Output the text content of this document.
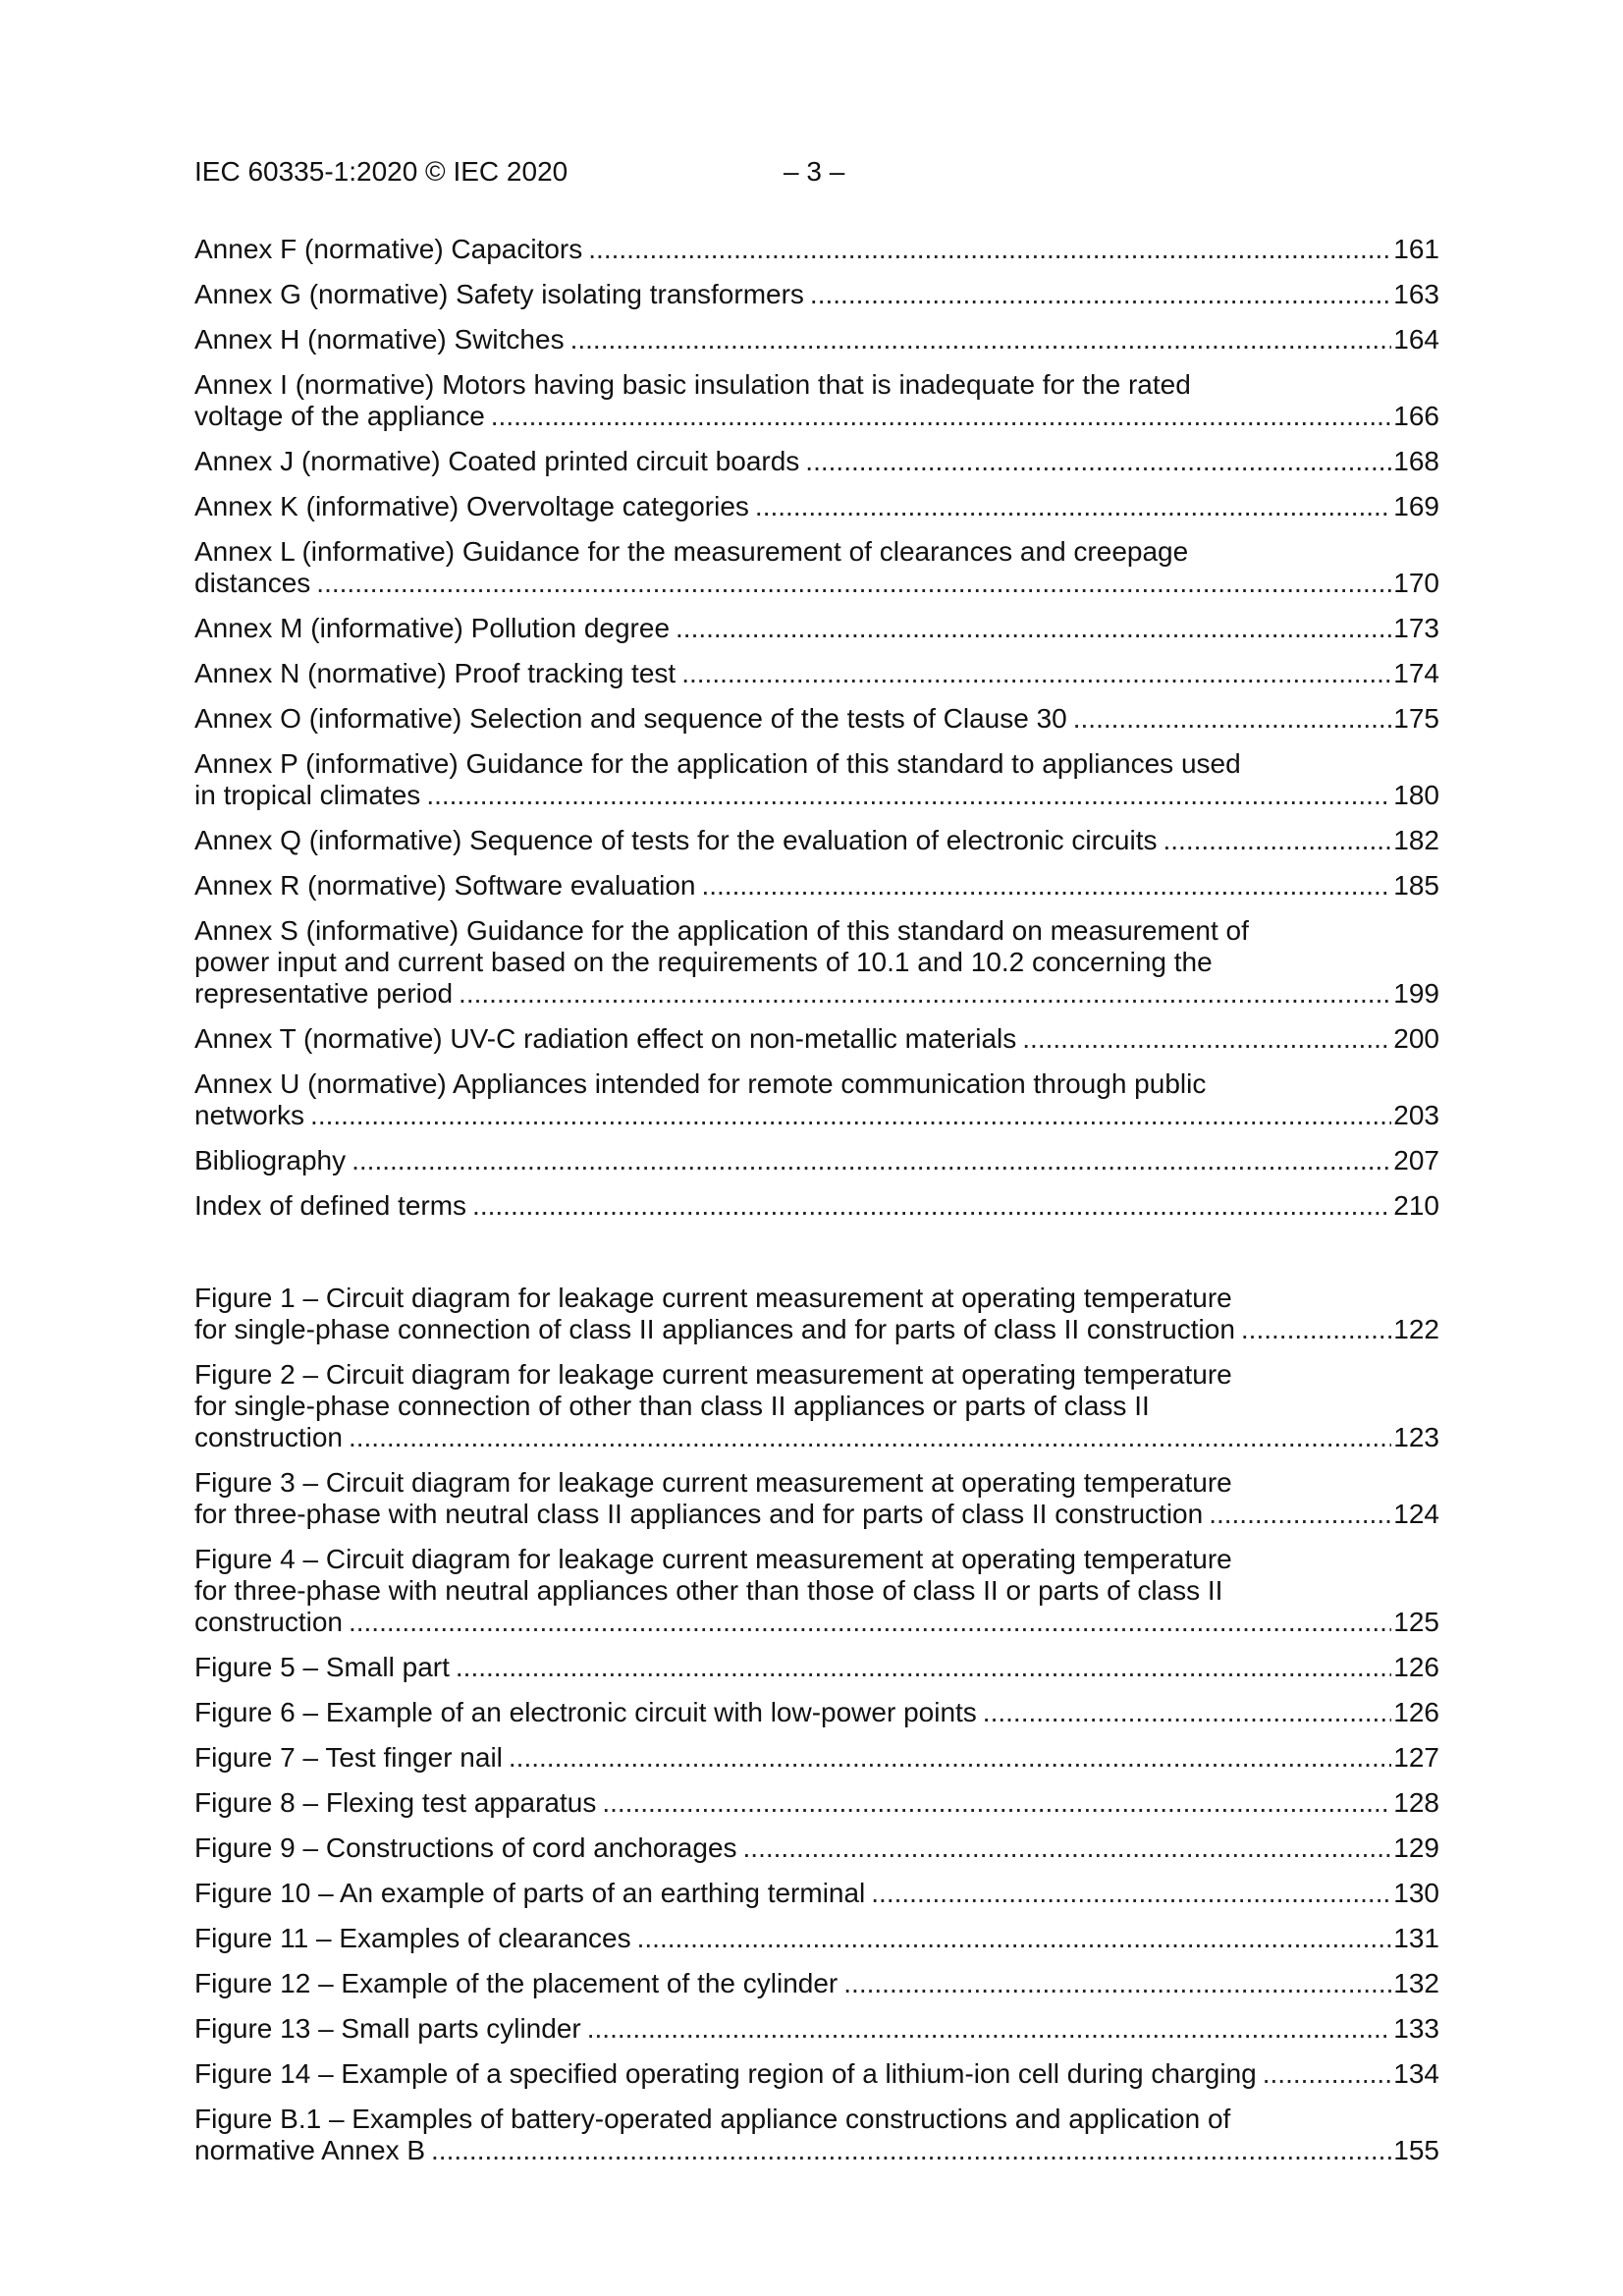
IEC 60335-1:2020 © IEC 2020	– 3 –
Annex F (normative) Capacitors .....	161
Annex G (normative) Safety isolating transformers .....	163
Annex H (normative) Switches .....	164
Annex I (normative) Motors having basic insulation that is inadequate for the rated
voltage of the appliance .....	166
Annex J (normative) Coated printed circuit boards .....	168
Annex K (informative) Overvoltage categories .....	169
Annex L (informative) Guidance for the measurement of clearances and creepage
distances .....	170
Annex M (informative) Pollution degree .....	173
Annex N (normative) Proof tracking test .....	174
Annex O (informative) Selection and sequence of the tests of Clause 30 .....	175
Annex P (informative) Guidance for the application of this standard to appliances used
in tropical climates .....	180
Annex Q (informative) Sequence of tests for the evaluation of electronic circuits .....	182
Annex R (normative) Software evaluation .....	185
Annex S (informative) Guidance for the application of this standard on measurement of
power input and current based on the requirements of 10.1 and 10.2 concerning the
representative period .....	199
Annex T (normative) UV-C radiation effect on non-metallic materials .....	200
Annex U (normative) Appliances intended for remote communication through public
networks .....	203
Bibliography .....	207
Index of defined terms .....	210
Figure 1 – Circuit diagram for leakage current measurement at operating temperature
for single-phase connection of class II appliances and for parts of class II construction .....	122
Figure 2 – Circuit diagram for leakage current measurement at operating temperature
for single-phase connection of other than class II appliances or parts of class II
construction .....	123
Figure 3 – Circuit diagram for leakage current measurement at operating temperature
for three-phase with neutral class II appliances and for parts of class II construction .....	124
Figure 4 – Circuit diagram for leakage current measurement at operating temperature
for three-phase with neutral appliances other than those of class II or parts of class II
construction .....	125
Figure 5 – Small part .....	126
Figure 6 – Example of an electronic circuit with low-power points .....	126
Figure 7 – Test finger nail .....	127
Figure 8 – Flexing test apparatus .....	128
Figure 9 – Constructions of cord anchorages .....	129
Figure 10 – An example of parts of an earthing terminal .....	130
Figure 11 – Examples of clearances .....	131
Figure 12 – Example of the placement of the cylinder .....	132
Figure 13 – Small parts cylinder .....	133
Figure 14 – Example of a specified operating region of a lithium-ion cell during charging .....	134
Figure B.1 – Examples of battery-operated appliance constructions and application of
normative Annex B .....	155
